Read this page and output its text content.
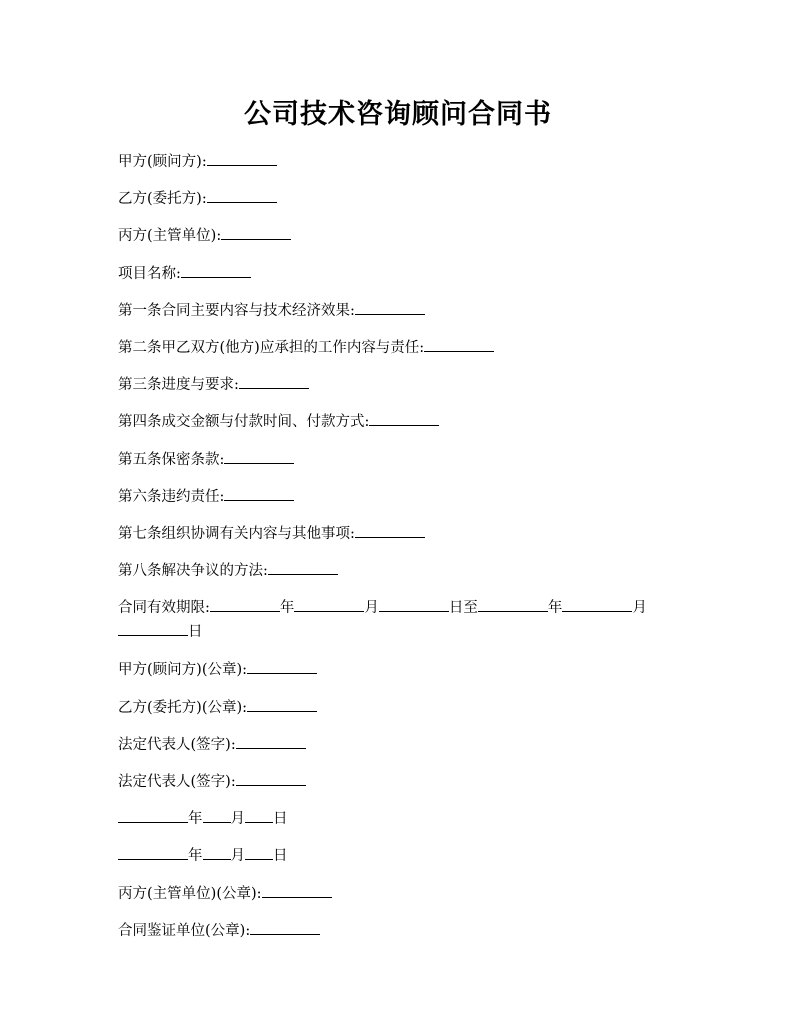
公司技术咨询顾问合同书
甲方(顾问方):
乙方(委托方):
丙方(主管单位):
项目名称:
第一条合同主要内容与技术经济效果:
第二条甲乙双方(他方)应承担的工作内容与责任:
第三条进度与要求:
第四条成交金额与付款时间、付款方式:
第五条保密条款:
第六条违约责任:
第七条组织协调有关内容与其他事项:
第八条解决争议的方法:
合同有效期限:	年	月	日至	年	月
日
甲方(顾问方)(公章):
乙方(委托方)(公章):
法定代表人(签字):
法定代表人(签字):
年 月 日
年 月 日
丙方(主管单位)(公章):
合同鉴证单位(公章):
